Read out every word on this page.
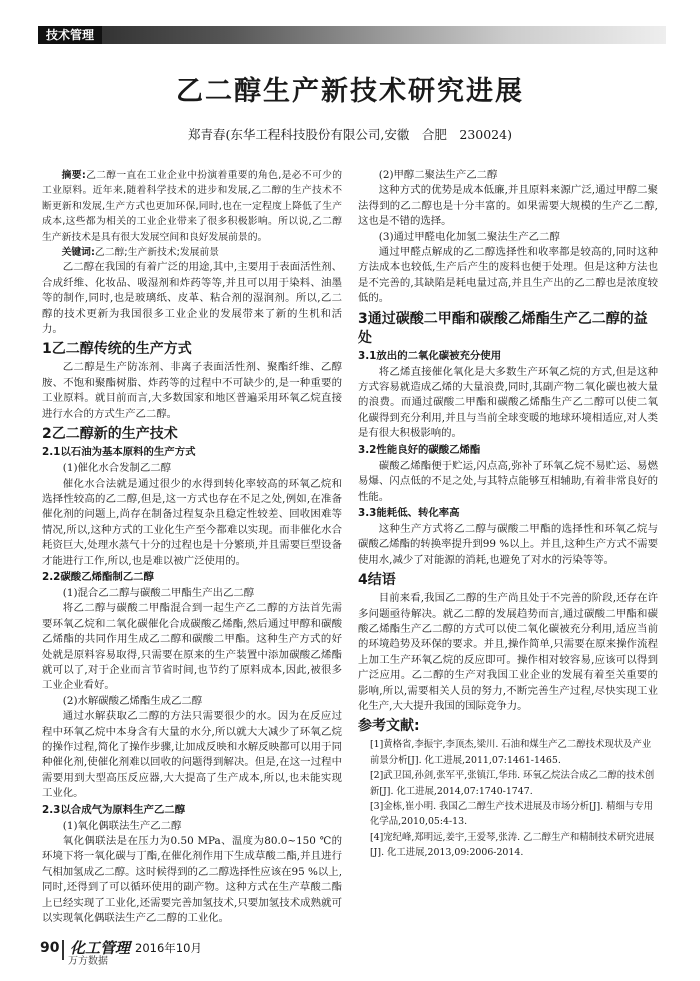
技术管理
乙二醇生产新技术研究进展
郑青春(东华工程科技股份有限公司,安徽　合肥　230024)

摘要:乙二醇一直在工业企业中扮演着重要的角色,是必不可少的工业原料。近年来,随着科学技术的进步和发展,乙二醇的生产技术不断更新和发展,生产方式也更加环保,同时,也在一定程度上降低了生产成本,这些都为相关的工业企业带来了很多积极影响。所以说,乙二醇生产新技术是具有很大发展空间和良好发展前景的。

关键词:乙二醇;生产新技术;发展前景

乙二醇在我国的有着广泛的用途,其中,主要用于表面活性剂、合成纤维、化妆品、吸湿剂和炸药等等,并且可以用于染料、油墨等的制作,同时,也是玻璃纸、皮革、粘合剂的湿润剂。所以,乙二醇的技术更新为我国很多工业企业的发展带来了新的生机和活力。

1乙二醇传统的生产方式

乙二醇是生产防冻剂、非离子表面活性剂、聚酯纤维、乙醇胺、不饱和聚酯树脂、炸药等的过程中不可缺少的,是一种重要的工业原料。就目前而言,大多数国家和地区普遍采用环氧乙烷直接进行水合的方式生产乙二醇。

2乙二醇新的生产技术
2.1以石油为基本原料的生产方式

(1)催化水合发制乙二醇

催化水合法就是通过很少的水得到转化率较高的环氧乙烷和选择性较高的乙二醇,但是,这一方式也存在不足之处,例如,在准备催化剂的问题上,尚存在制备过程复杂且稳定性较差、回收困难等情况,所以,这种方式的工业化生产至今都难以实现。而非催化水合耗资巨大,处理水蒸气十分的过程也是十分繁琐,并且需要巨型设备才能进行工作,所以,也是难以被广泛使用的。

2.2碳酸乙烯酯制乙二醇

(1)混合乙二醇与碳酸二甲酯生产出乙二醇

将乙二醇与碳酸二甲酯混合到一起生产乙二醇的方法首先需要环氧乙烷和二氧化碳催化合成碳酸乙烯酯,然后通过甲醇和碳酸乙烯酯的共同作用生成乙二醇和碳酸二甲酯。这种生产方式的好处就是原料容易取得,只需要在原来的生产装置中添加碳酸乙烯酯就可以了,对于企业而言节省时间,也节约了原料成本,因此,被很多工业企业看好。

(2)水解碳酸乙烯酯生成乙二醇

通过水解获取乙二醇的方法只需要很少的水。因为在反应过程中环氧乙烷中本身含有大量的水分,所以就大大减少了环氧乙烷的操作过程,简化了操作步骤,让加成反映和水解反映都可以用于同种催化剂,使催化剂难以回收的问题得到解决。但是,在这一过程中需要用到大型高压反应器,大大提高了生产成本,所以,也未能实现工业化。

2.3以合成气为原料生产乙二醇

(1)氧化偶联法生产乙二醇

氧化偶联法是在压力为0.50 MPa、温度为80.0~150 ℃的环境下将一氧化碳与丁酯,在催化剂作用下生成草酸二酯,并且进行气相加氢成乙二醇。这时候得到的乙二醇选择性应该在95 %以上,同时,还得到了可以循环使用的副产物。这种方式在生产草酸二酯上已经实现了工业化,还需要完善加氢技术,只要加氢技术成熟就可以实现氧化偶联法生产乙二醇的工业化。

(2)甲醇二聚法生产乙二醇

这种方式的优势是成本低廉,并且原料来源广泛,通过甲醇二聚法得到的乙二醇也是十分丰富的。如果需要大规模的生产乙二醇,这也是不错的选择。

(3)通过甲醛电化加氢二聚法生产乙二醇

通过甲醛点解成的乙二醇选择性和收率都是较高的,同时这种方法成本也较低,生产后产生的废料也便于处理。但是这种方法也是不完善的,其缺陷是耗电量过高,并且生产出的乙二醇也是浓度较低的。

3通过碳酸二甲酯和碳酸乙烯酯生产乙二醇的益处
3.1放出的二氧化碳被充分使用

将乙烯直接催化氧化是大多数生产环氧乙烷的方式,但是这种方式容易就造成乙烯的大量浪费,同时,其副产物二氧化碳也被大量的浪费。而通过碳酸二甲酯和碳酸乙烯酯生产乙二醇可以使二氧化碳得到充分利用,并且与当前全球变暖的地球环境相适应,对人类是有很大积极影响的。

3.2性能良好的碳酸乙烯酯

碳酸乙烯酯便于贮运,闪点高,弥补了环氧乙烷不易贮运、易燃易爆、闪点低的不足之处,与其特点能够互相辅助,有着非常良好的性能。

3.3能耗低、转化率高

这种生产方式将乙二醇与碳酸二甲酯的选择性和环氧乙烷与碳酸乙烯酯的转换率提升到99 %以上。并且,这种生产方式不需要使用水,减少了对能源的消耗,也避免了对水的污染等等。

4结语

目前来看,我国乙二醇的生产尚且处于不完善的阶段,还存在许多问题亟待解决。就乙二醇的发展趋势而言,通过碳酸二甲酯和碳酸乙烯酯生产乙二醇的方式可以使二氧化碳被充分利用,适应当前的环境趋势及环保的要求。并且,操作简单,只需要在原来操作流程上加工生产环氧乙烷的反应即可。操作相对较容易,应该可以得到广泛应用。乙二醇的生产对我国工业企业的发展有着至关重要的影响,所以,需要相关人员的努力,不断完善生产过程,尽快实现工业化生产,大大提升我国的国际竞争力。

参考文献:

[1]黄格省,李振宇,李顶杰,梁川. 石油和煤生产乙二醇技术现状及产业前景分析[J]. 化工进展,2011,07:1461-1465.

[2]武卫国,孙剑,张军平,张镇江,华玮. 环氧乙烷法合成乙二醇的技术创新[J]. 化工进展,2014,07:1740-1747.

[3]金栋,崔小明. 我国乙二醇生产技术进展及市场分析[J]. 精细与专用化学品,2010,05:4-13.

[4]宠纪峰,郑明远,姜宇,王爱琴,张涛. 乙二醇生产和精制技术研究进展[J]. 化工进展,2013,09:2006-2014.

90 化工管理 2016年10月
万方数据
